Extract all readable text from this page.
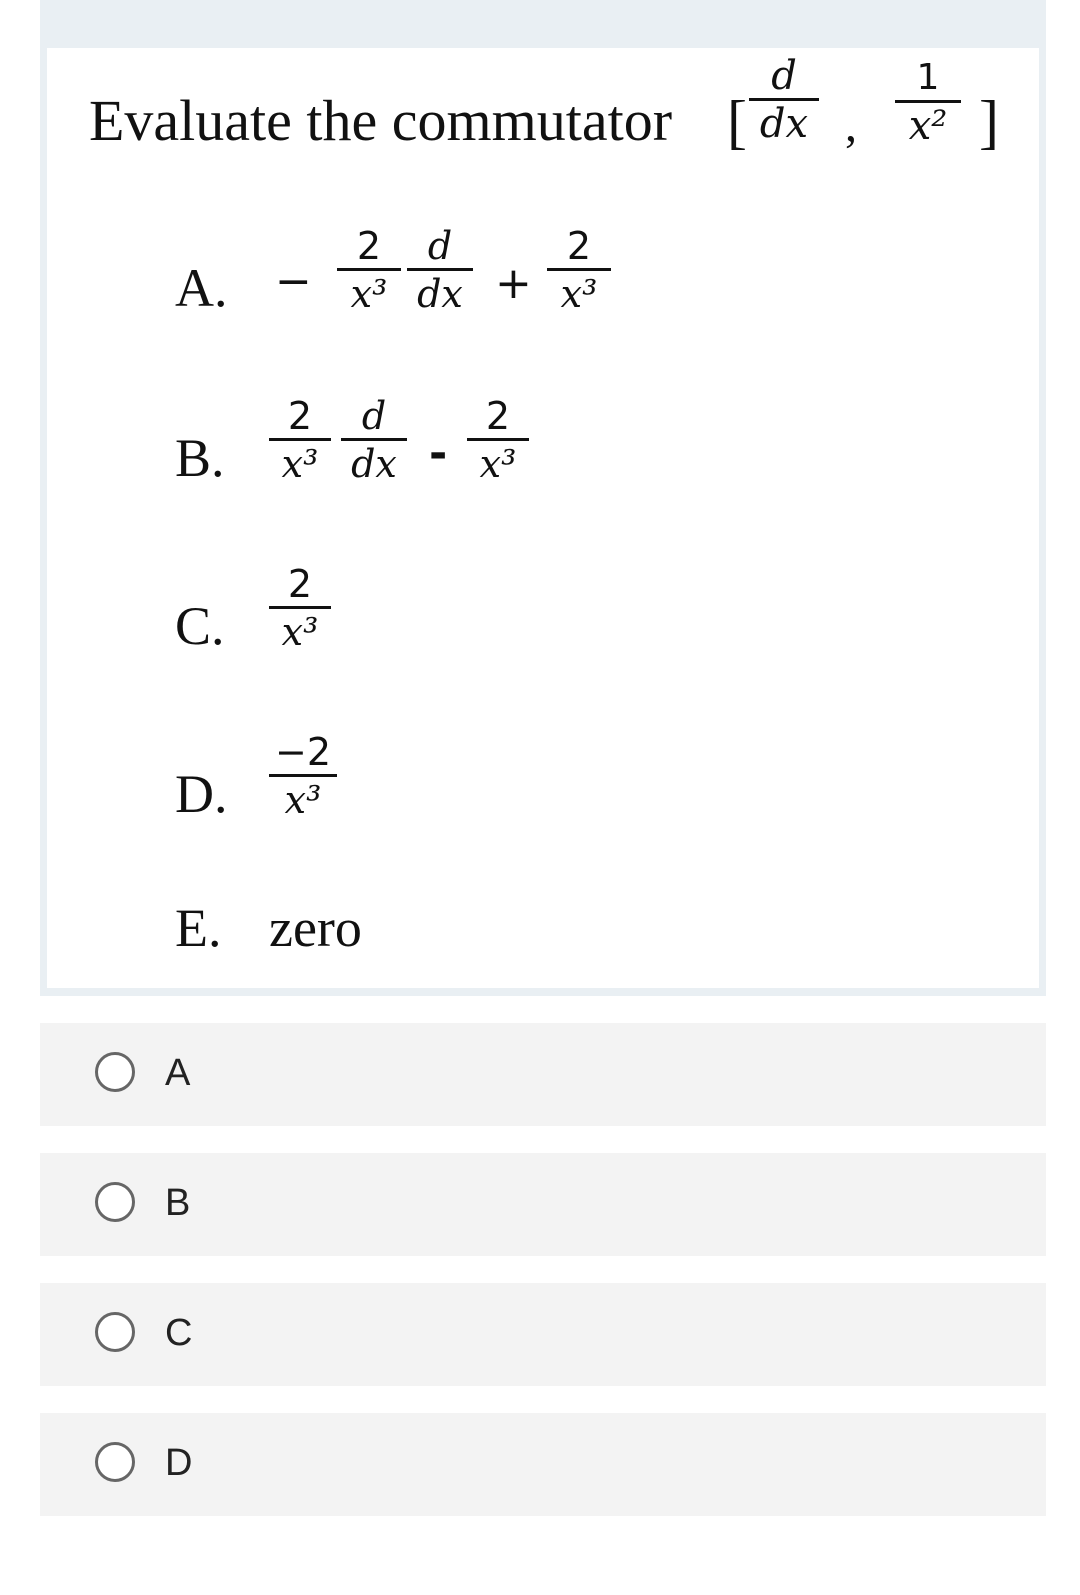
Evaluate the commutator [
d
dx ,
1
x² ]
A. −
2
x³
d
dx +
2
x³
B.
2
x³
d
dx -
2
x³
C.
2
x³
D.
−2
x³
E. zero
A
B
C
D
